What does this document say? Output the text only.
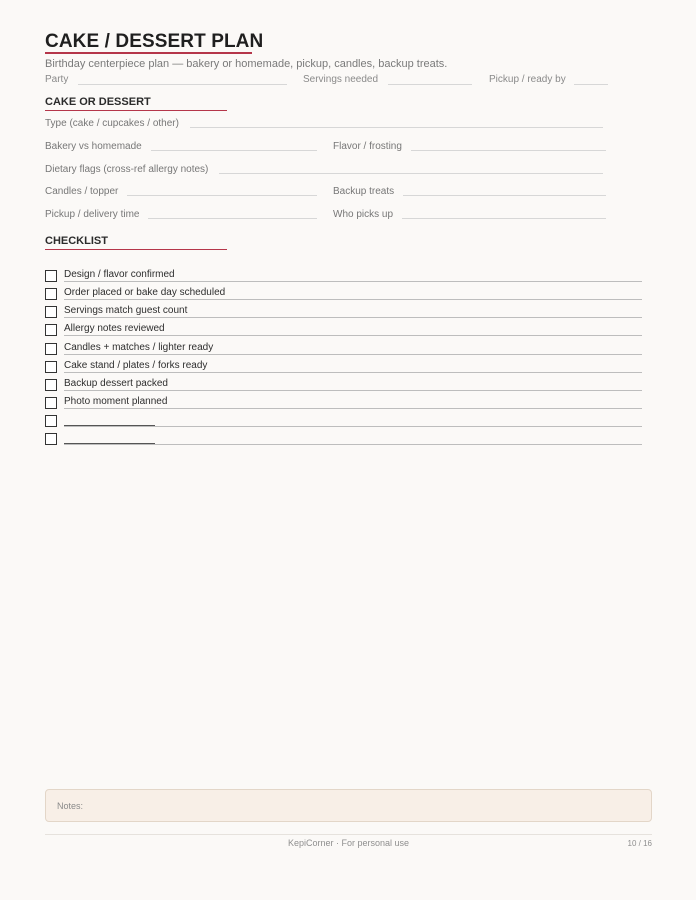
CAKE / DESSERT PLAN
Birthday centerpiece plan — bakery or homemade, pickup, candles, backup treats.
Party	Servings needed	Pickup / ready by
CAKE OR DESSERT
Type (cake / cupcakes / other)
Bakery vs homemade	Flavor / frosting
Dietary flags (cross-ref allergy notes)
Candles / topper	Backup treats
Pickup / delivery time	Who picks up
CHECKLIST
Design / flavor confirmed
Order placed or bake day scheduled
Servings match guest count
Allergy notes reviewed
Candles + matches / lighter ready
Cake stand / plates / forks ready
Backup dessert packed
Photo moment planned
Notes:
KepiCorner · For personal use	10 / 16
